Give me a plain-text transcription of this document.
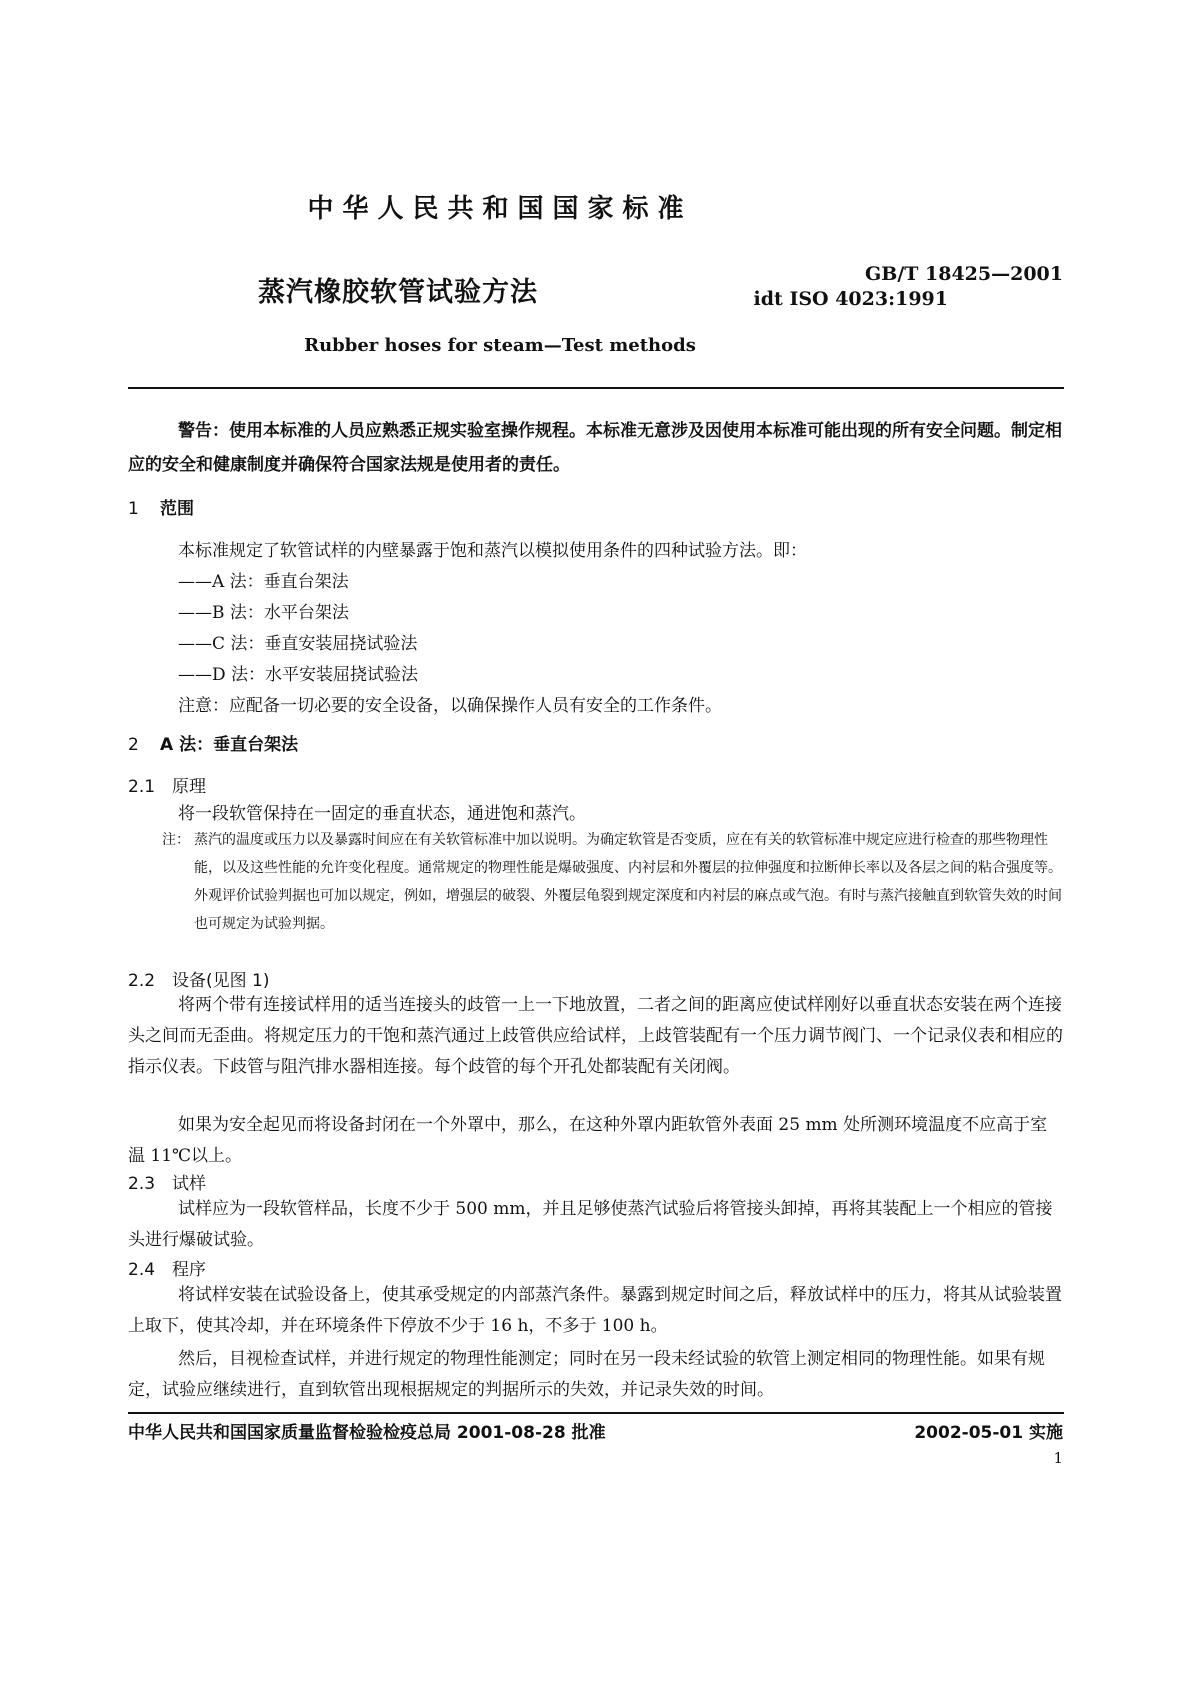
中华人民共和国国家标准
蒸汽橡胶软管试验方法
GB/T 18425—2001
idt ISO 4023:1991
Rubber hoses for steam—Test methods
警告：使用本标准的人员应熟悉正规实验室操作规程。本标准无意涉及因使用本标准可能出现的所有安全问题。制定相应的安全和健康制度并确保符合国家法规是使用者的责任。
1 范围
本标准规定了软管试样的内壁暴露于饱和蒸汽以模拟使用条件的四种试验方法。即：
——A 法：垂直台架法
——B 法：水平台架法
——C 法：垂直安装屈挠试验法
——D 法：水平安装屈挠试验法
注意：应配备一切必要的安全设备，以确保操作人员有安全的工作条件。
2 A 法：垂直台架法
2.1 原理
将一段软管保持在一固定的垂直状态，通进饱和蒸汽。
注： 蒸汽的温度或压力以及暴露时间应在有关软管标准中加以说明。为确定软管是否变质，应在有关的软管标准中规定应进行检查的那些物理性能，以及这些性能的允许变化程度。通常规定的物理性能是爆破强度、内衬层和外覆层的拉伸强度和拉断伸长率以及各层之间的粘合强度等。外观评价试验判据也可加以规定，例如，增强层的破裂、外覆层龟裂到规定深度和内衬层的麻点或气泡。有时与蒸汽接触直到软管失效的时间也可规定为试验判据。
2.2 设备(见图 1)
将两个带有连接试样用的适当连接头的歧管一上一下地放置，二者之间的距离应使试样刚好以垂直状态安装在两个连接头之间而无歪曲。将规定压力的干饱和蒸汽通过上歧管供应给试样，上歧管装配有一个压力调节阀门、一个记录仪表和相应的指示仪表。下歧管与阻汽排水器相连接。每个歧管的每个开孔处都装配有关闭阀。
如果为安全起见而将设备封闭在一个外罩中，那么，在这种外罩内距软管外表面 25 mm 处所测环境温度不应高于室温 11℃以上。
2.3 试样
试样应为一段软管样品，长度不少于 500 mm，并且足够使蒸汽试验后将管接头卸掉，再将其装配上一个相应的管接头进行爆破试验。
2.4 程序
将试样安装在试验设备上，使其承受规定的内部蒸汽条件。暴露到规定时间之后，释放试样中的压力，将其从试验装置上取下，使其冷却，并在环境条件下停放不少于 16 h，不多于 100 h。
然后，目视检查试样，并进行规定的物理性能测定；同时在另一段未经试验的软管上测定相同的物理性能。如果有规定，试验应继续进行，直到软管出现根据规定的判据所示的失效，并记录失效的时间。
中华人民共和国国家质量监督检验检疫总局 2001-08-28 批准	2002-05-01 实施
1
